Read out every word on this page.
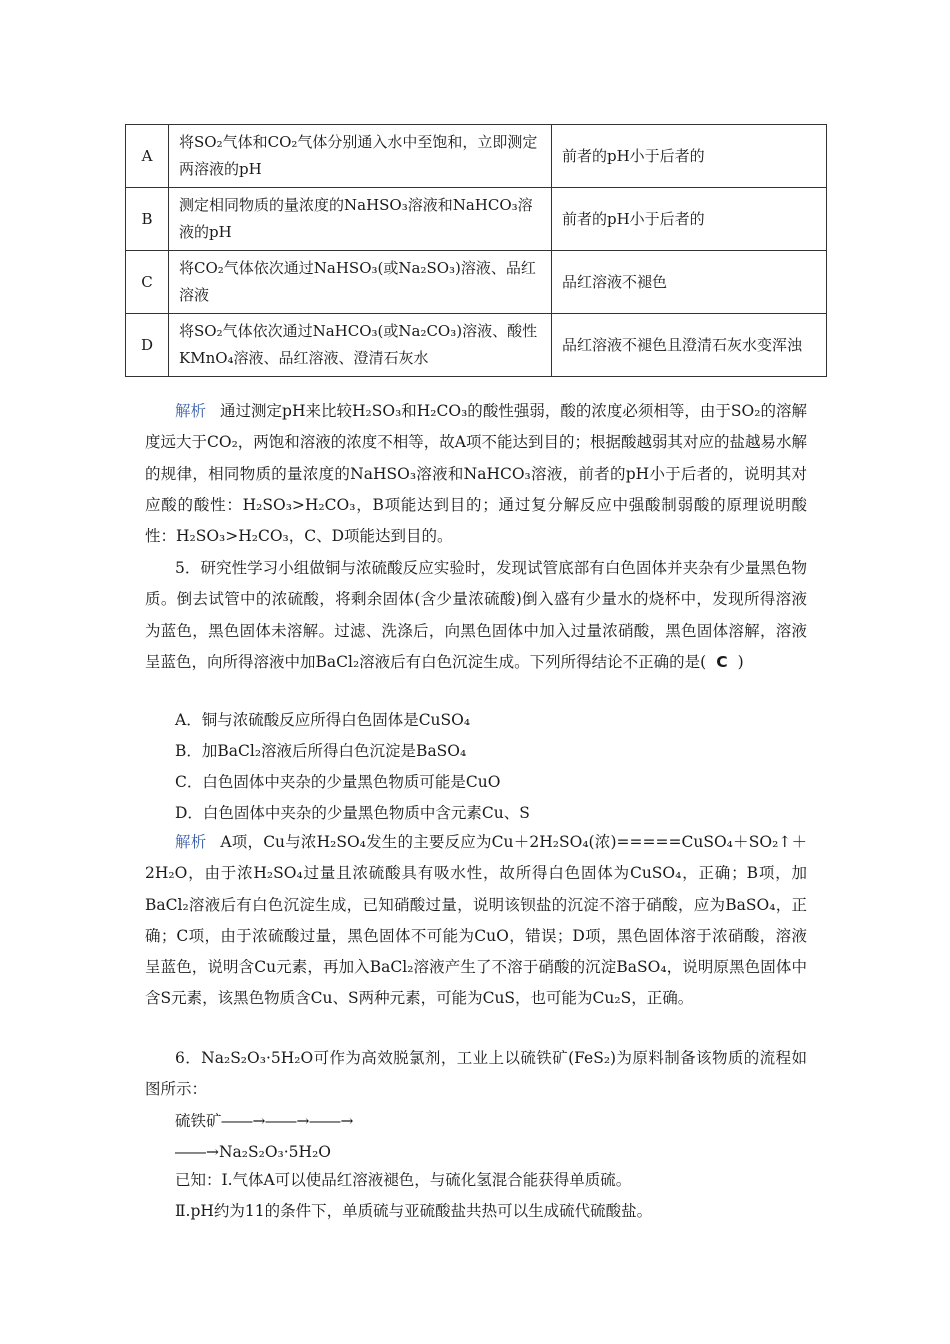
A	将SO₂气体和CO₂气体分别通入水中至饱和，立即测定两溶液的pH	前者的pH小于后者的
B	测定相同物质的量浓度的NaHSO₃溶液和NaHCO₃溶液的pH	前者的pH小于后者的
C	将CO₂气体依次通过NaHSO₃(或Na₂SO₃)溶液、品红溶液	品红溶液不褪色
D	将SO₂气体依次通过NaHCO₃(或Na₂CO₃)溶液、酸性KMnO₄溶液、品红溶液、澄清石灰水	品红溶液不褪色且澄清石灰水变浑浊
解析 通过测定pH来比较H₂SO₃和H₂CO₃的酸性强弱，酸的浓度必须相等，由于SO₂的溶解度远大于CO₂，两饱和溶液的浓度不相等，故A项不能达到目的；根据酸越弱其对应的盐越易水解的规律，相同物质的量浓度的NaHSO₃溶液和NaHCO₃溶液，前者的pH小于后者的，说明其对应酸的酸性：H₂SO₃>H₂CO₃，B项能达到目的；通过复分解反应中强酸制弱酸的原理说明酸性：H₂SO₃>H₂CO₃，C、D项能达到目的。
5．研究性学习小组做铜与浓硫酸反应实验时，发现试管底部有白色固体并夹杂有少量黑色物质。倒去试管中的浓硫酸，将剩余固体(含少量浓硫酸)倒入盛有少量水的烧杯中，发现所得溶液为蓝色，黑色固体未溶解。过滤、洗涤后，向黑色固体中加入过量浓硝酸，黑色固体溶解，溶液呈蓝色，向所得溶液中加BaCl₂溶液后有白色沉淀生成。下列所得结论不正确的是( C )
A．铜与浓硫酸反应所得白色固体是CuSO₄
B．加BaCl₂溶液后所得白色沉淀是BaSO₄
C．白色固体中夹杂的少量黑色物质可能是CuO
D．白色固体中夹杂的少量黑色物质中含元素Cu、S
解析 A项，Cu与浓H₂SO₄发生的主要反应为Cu＋2H₂SO₄(浓)=====CuSO₄＋SO₂↑＋2H₂O，由于浓H₂SO₄过量且浓硫酸具有吸水性，故所得白色固体为CuSO₄，正确；B项，加BaCl₂溶液后有白色沉淀生成，已知硝酸过量，说明该钡盐的沉淀不溶于硝酸，应为BaSO₄，正确；C项，由于浓硫酸过量，黑色固体不可能为CuO，错误；D项，黑色固体溶于浓硝酸，溶液呈蓝色，说明含Cu元素，再加入BaCl₂溶液产生了不溶于硝酸的沉淀BaSO₄，说明原黑色固体中含S元素，该黑色物质含Cu、S两种元素，可能为CuS，也可能为Cu₂S，正确。
6．Na₂S₂O₃·5H₂O可作为高效脱氯剂，工业上以硫铁矿(FeS₂)为原料制备该物质的流程如图所示：
硫铁矿――→――→――→
――→Na₂S₂O₃·5H₂O
已知：Ⅰ.气体A可以使品红溶液褪色，与硫化氢混合能获得单质硫。
Ⅱ.pH约为11的条件下，单质硫与亚硫酸盐共热可以生成硫代硫酸盐。
